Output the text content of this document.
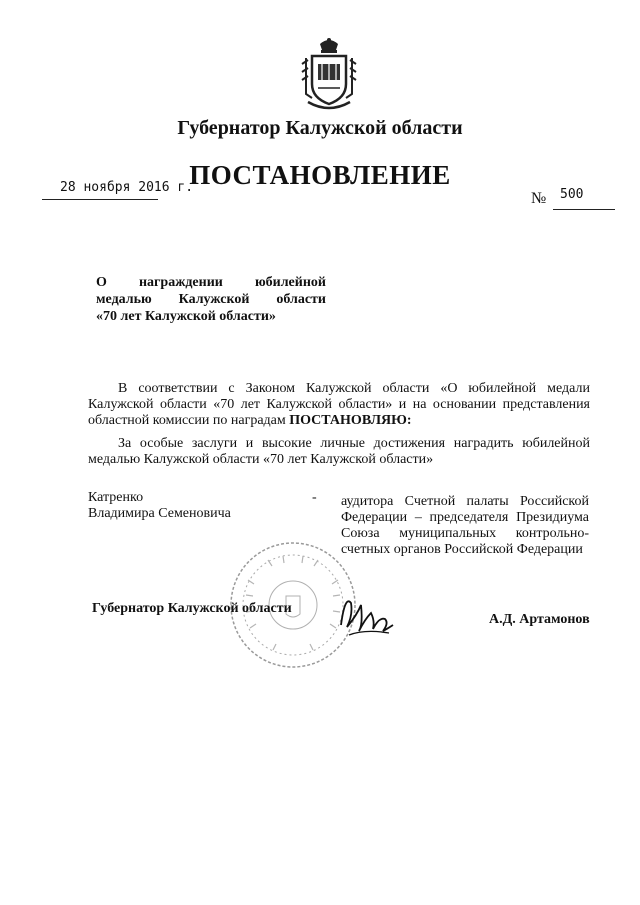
Губернатор Калужской области
ПОСТАНОВЛЕНИЕ
28 ноября 2016 г.
№ 500
О награждении юбилейной
медалью Калужской области
«70 лет Калужской области»
В соответствии с Законом Калужской области «О юбилейной медали
Калужской области «70 лет Калужской области» и на основании представления
областной комиссии по наградам ПОСТАНОВЛЯЮ:
За особые заслуги и высокие личные достижения наградить юбилейной
медалью Калужской области «70 лет Калужской области»
Катренко
Владимира Семеновича
- аудитора Счетной палаты Российской
Федерации – председателя Президиума
Союза муниципальных контрольно-
счетных органов Российской Федерации
Губернатор Калужской области
А.Д. Артамонов
